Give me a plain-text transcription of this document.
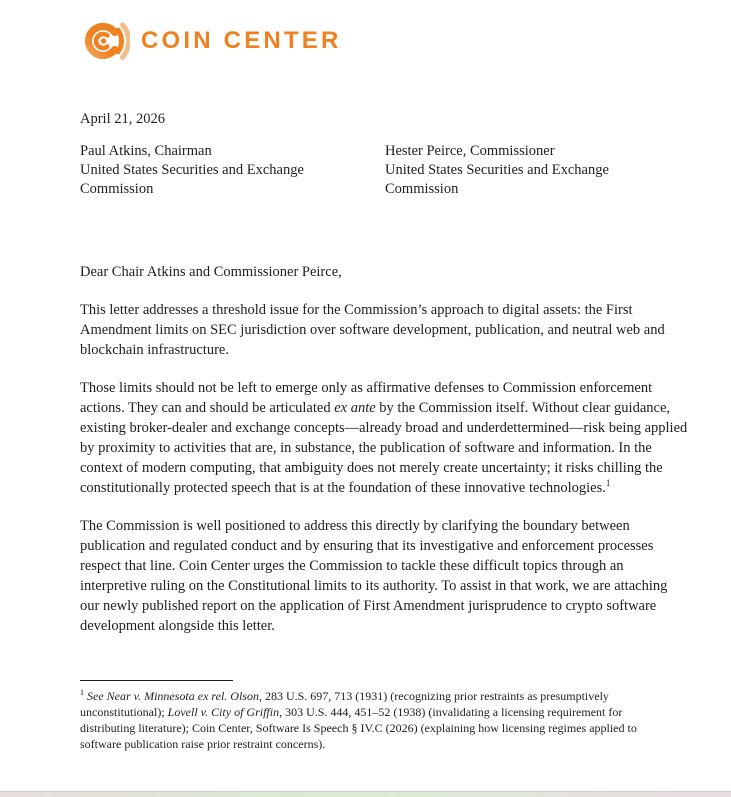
COIN CENTER
April 21, 2026
Paul Atkins, Chairman
United States Securities and Exchange
Commission
Hester Peirce, Commissioner
United States Securities and Exchange
Commission
Dear Chair Atkins and Commissioner Peirce,

This letter addresses a threshold issue for the Commission’s approach to digital assets: the First Amendment limits on SEC jurisdiction over software development, publication, and neutral web and blockchain infrastructure.

Those limits should not be left to emerge only as affirmative defenses to Commission enforcement actions. They can and should be articulated ex ante by the Commission itself. Without clear guidance, existing broker-dealer and exchange concepts—already broad and underdettermined—risk being applied by proximity to activities that are, in substance, the publication of software and information. In the context of modern computing, that ambiguity does not merely create uncertainty; it risks chilling the constitutionally protected speech that is at the foundation of these innovative technologies.$^1$

The Commission is well positioned to address this directly by clarifying the boundary between publication and regulated conduct and by ensuring that its investigative and enforcement processes respect that line. Coin Center urges the Commission to tackle these difficult topics through an interpretive ruling on the Constitutional limits to its authority. To assist in that work, we are attaching our newly published report on the application of First Amendment jurisprudence to crypto software development alongside this letter.

$^1$ See Near v. Minnesota ex rel. Olson, 283 U.S. 697, 713 (1931) (recognizing prior restraints as presumptively unconstitutional); Lovell v. City of Griffin, 303 U.S. 444, 451–52 (1938) (invalidating a licensing requirement for distributing literature); Coin Center, Software Is Speech § IV.C (2026) (explaining how licensing regimes applied to software publication raise prior restraint concerns).
